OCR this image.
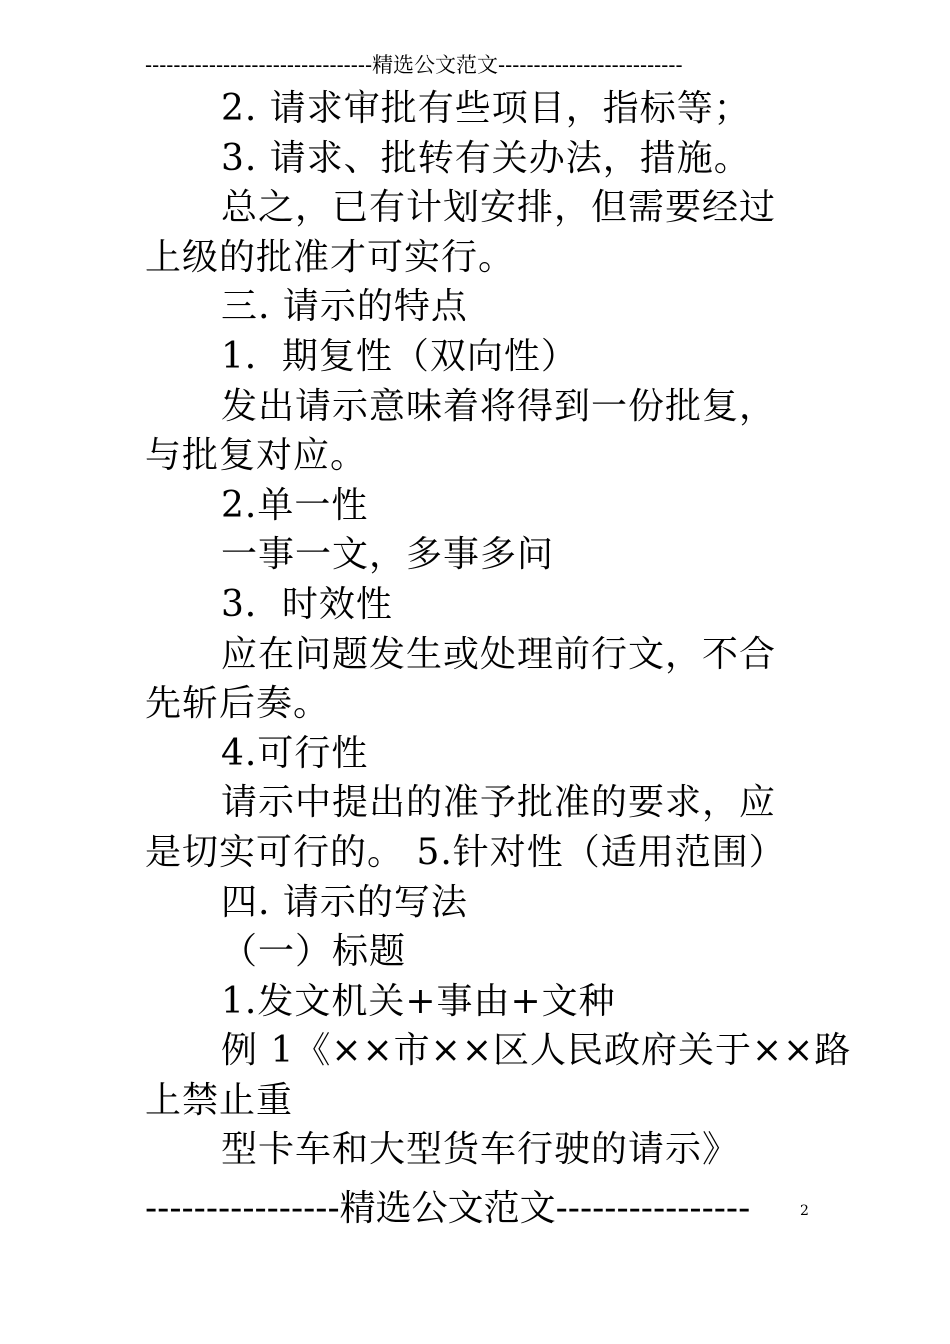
--------------------------------精选公文范文--------------------------
2. 请求审批有些项目，指标等；
3. 请求、批转有关办法，措施。
总之，已有计划安排，但需要经过
上级的批准才可实行。
三. 请示的特点
1．期复性（双向性）
发出请示意味着将得到一份批复，
与批复对应。
2.单一性
一事一文，多事多问
3．时效性
应在问题发生或处理前行文，不合
先斩后奏。
4.可行性
请示中提出的准予批准的要求，应
是切实可行的。 5.针对性（适用范围）
四. 请示的写法
（一）标题
1.发文机关+事由+文种
例 1《××市××区人民政府关于××路
上禁止重
型卡车和大型货车行驶的请示》
----------------精选公文范文----------------	2
